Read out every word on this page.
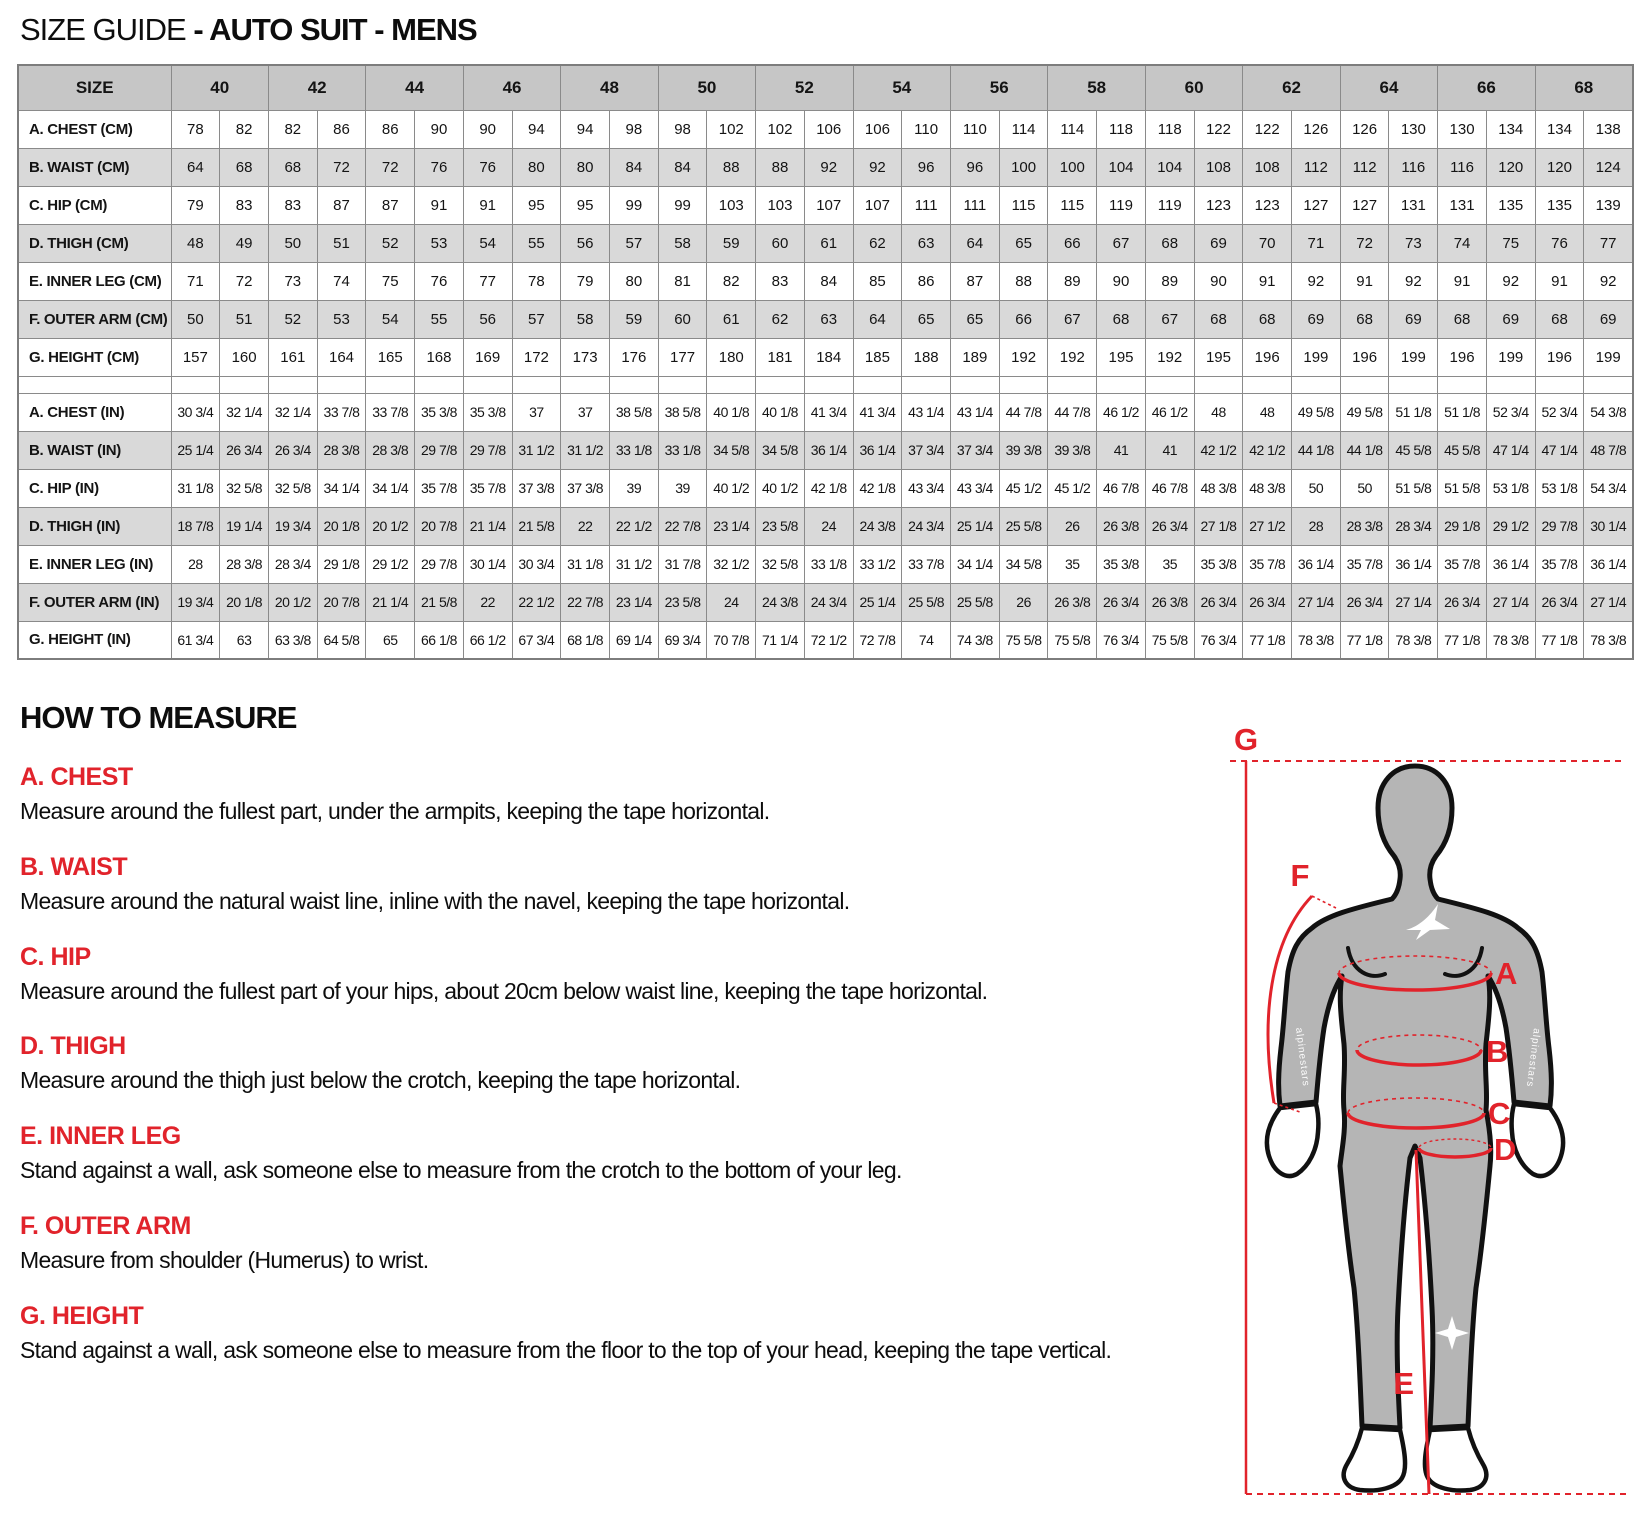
SIZE GUIDE - AUTO SUIT - MENS
SIZE	40		42		44		46		48		50		52		54		56		58		60		62		64		66		68	
A. CHEST (CM)	78	82	82	86	86	90	90	94	94	98	98	102	102	106	106	110	110	114	114	118	118	122	122	126	126	130	130	134	134	138
B. WAIST (CM)	64	68	68	72	72	76	76	80	80	84	84	88	88	92	92	96	96	100	100	104	104	108	108	112	112	116	116	120	120	124
C. HIP (CM)	79	83	83	87	87	91	91	95	95	99	99	103	103	107	107	111	111	115	115	119	119	123	123	127	127	131	131	135	135	139
D. THIGH (CM)	48	49	50	51	52	53	54	55	56	57	58	59	60	61	62	63	64	65	66	67	68	69	70	71	72	73	74	75	76	77
E. INNER LEG (CM)	71	72	73	74	75	76	77	78	79	80	81	82	83	84	85	86	87	88	89	90	89	90	91	92	91	92	91	92	91	92
F. OUTER ARM (CM)	50	51	52	53	54	55	56	57	58	59	60	61	62	63	64	65	65	66	67	68	67	68	68	69	68	69	68	69	68	69
G. HEIGHT (CM)	157	160	161	164	165	168	169	172	173	176	177	180	181	184	185	188	189	192	192	195	192	195	196	199	196	199	196	199	196	199

A. CHEST (IN)	30 3/4	32 1/4	32 1/4	33 7/8	33 7/8	35 3/8	35 3/8	37	37	38 5/8	38 5/8	40 1/8	40 1/8	41 3/4	41 3/4	43 1/4	43 1/4	44 7/8	44 7/8	46 1/2	46 1/2	48	48	49 5/8	49 5/8	51 1/8	51 1/8	52 3/4	52 3/4	54 3/8
B. WAIST (IN)	25 1/4	26 3/4	26 3/4	28 3/8	28 3/8	29 7/8	29 7/8	31 1/2	31 1/2	33 1/8	33 1/8	34 5/8	34 5/8	36 1/4	36 1/4	37 3/4	37 3/4	39 3/8	39 3/8	41	41	42 1/2	42 1/2	44 1/8	44 1/8	45 5/8	45 5/8	47 1/4	47 1/4	48 7/8
C. HIP (IN)	31 1/8	32 5/8	32 5/8	34 1/4	34 1/4	35 7/8	35 7/8	37 3/8	37 3/8	39	39	40 1/2	40 1/2	42 1/8	42 1/8	43 3/4	43 3/4	45 1/2	45 1/2	46 7/8	46 7/8	48 3/8	48 3/8	50	50	51 5/8	51 5/8	53 1/8	53 1/8	54 3/4
D. THIGH (IN)	18 7/8	19 1/4	19 3/4	20 1/8	20 1/2	20 7/8	21 1/4	21 5/8	22	22 1/2	22 7/8	23 1/4	23 5/8	24	24 3/8	24 3/4	25 1/4	25 5/8	26	26 3/8	26 3/4	27 1/8	27 1/2	28	28 3/8	28 3/4	29 1/8	29 1/2	29 7/8	30 1/4
E. INNER LEG (IN)	28	28 3/8	28 3/4	29 1/8	29 1/2	29 7/8	30 1/4	30 3/4	31 1/8	31 1/2	31 7/8	32 1/2	32 5/8	33 1/8	33 1/2	33 7/8	34 1/4	34 5/8	35	35 3/8	35	35 3/8	35 7/8	36 1/4	35 7/8	36 1/4	35 7/8	36 1/4	35 7/8	36 1/4
F. OUTER ARM (IN)	19 3/4	20 1/8	20 1/2	20 7/8	21 1/4	21 5/8	22	22 1/2	22 7/8	23 1/4	23 5/8	24	24 3/8	24 3/4	25 1/4	25 5/8	25 5/8	26	26 3/8	26 3/4	26 3/8	26 3/4	26 3/4	27 1/4	26 3/4	27 1/4	26 3/4	27 1/4	26 3/4	27 1/4
G. HEIGHT (IN)	61 3/4	63	63 3/8	64 5/8	65	66 1/8	66 1/2	67 3/4	68 1/8	69 1/4	69 3/4	70 7/8	71 1/4	72 1/2	72 7/8	74	74 3/8	75 5/8	75 5/8	76 3/4	75 5/8	76 3/4	77 1/8	78 3/8	77 1/8	78 3/8	77 1/8	78 3/8	77 1/8	78 3/8
HOW TO MEASURE
A. CHEST

Measure around the fullest part, under the armpits, keeping the tape horizontal.

B. WAIST

Measure around the natural waist line, inline with the navel, keeping the tape horizontal.

C. HIP

Measure around the fullest part of your hips, about 20cm below waist line, keeping the tape horizontal.

D. THIGH

Measure around the thigh just below the crotch, keeping the tape horizontal.

E. INNER LEG

Stand against a wall, ask someone else to measure from the crotch to the bottom of your leg.

F. OUTER ARM

Measure from shoulder (Humerus) to wrist.

G. HEIGHT

Stand against a wall, ask someone else to measure from the floor to the top of your head, keeping the tape vertical.

alpinestars	alpinestars
G
F
A
B
C
D
E
